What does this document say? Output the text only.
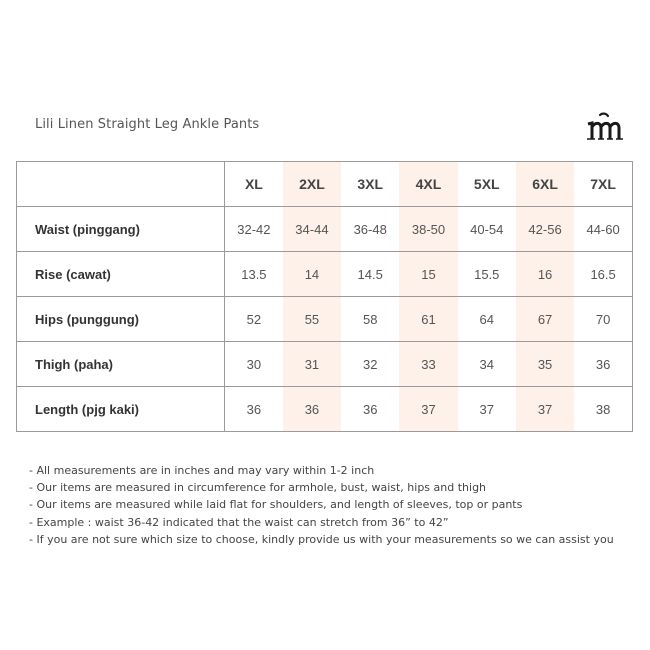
Lili Linen Straight Leg Ankle Pants
	XL	2XL	3XL	4XL	5XL	6XL	7XL
Waist (pinggang)	32-42	34-44	36-48	38-50	40-54	42-56	44-60
Rise (cawat)	13.5	14	14.5	15	15.5	16	16.5
Hips (punggung)	52	55	58	61	64	67	70
Thigh (paha)	30	31	32	33	34	35	36
Length (pjg kaki)	36	36	36	37	37	37	38
- All measurements are in inches and may vary within 1-2 inch
- Our items are measured in circumference for armhole, bust, waist, hips and thigh
- Our items are measured while laid flat for shoulders, and length of sleeves, top or pants
- Example : waist 36-42 indicated that the waist can stretch from 36” to 42”
- If you are not sure which size to choose, kindly provide us with your measurements so we can assist you
